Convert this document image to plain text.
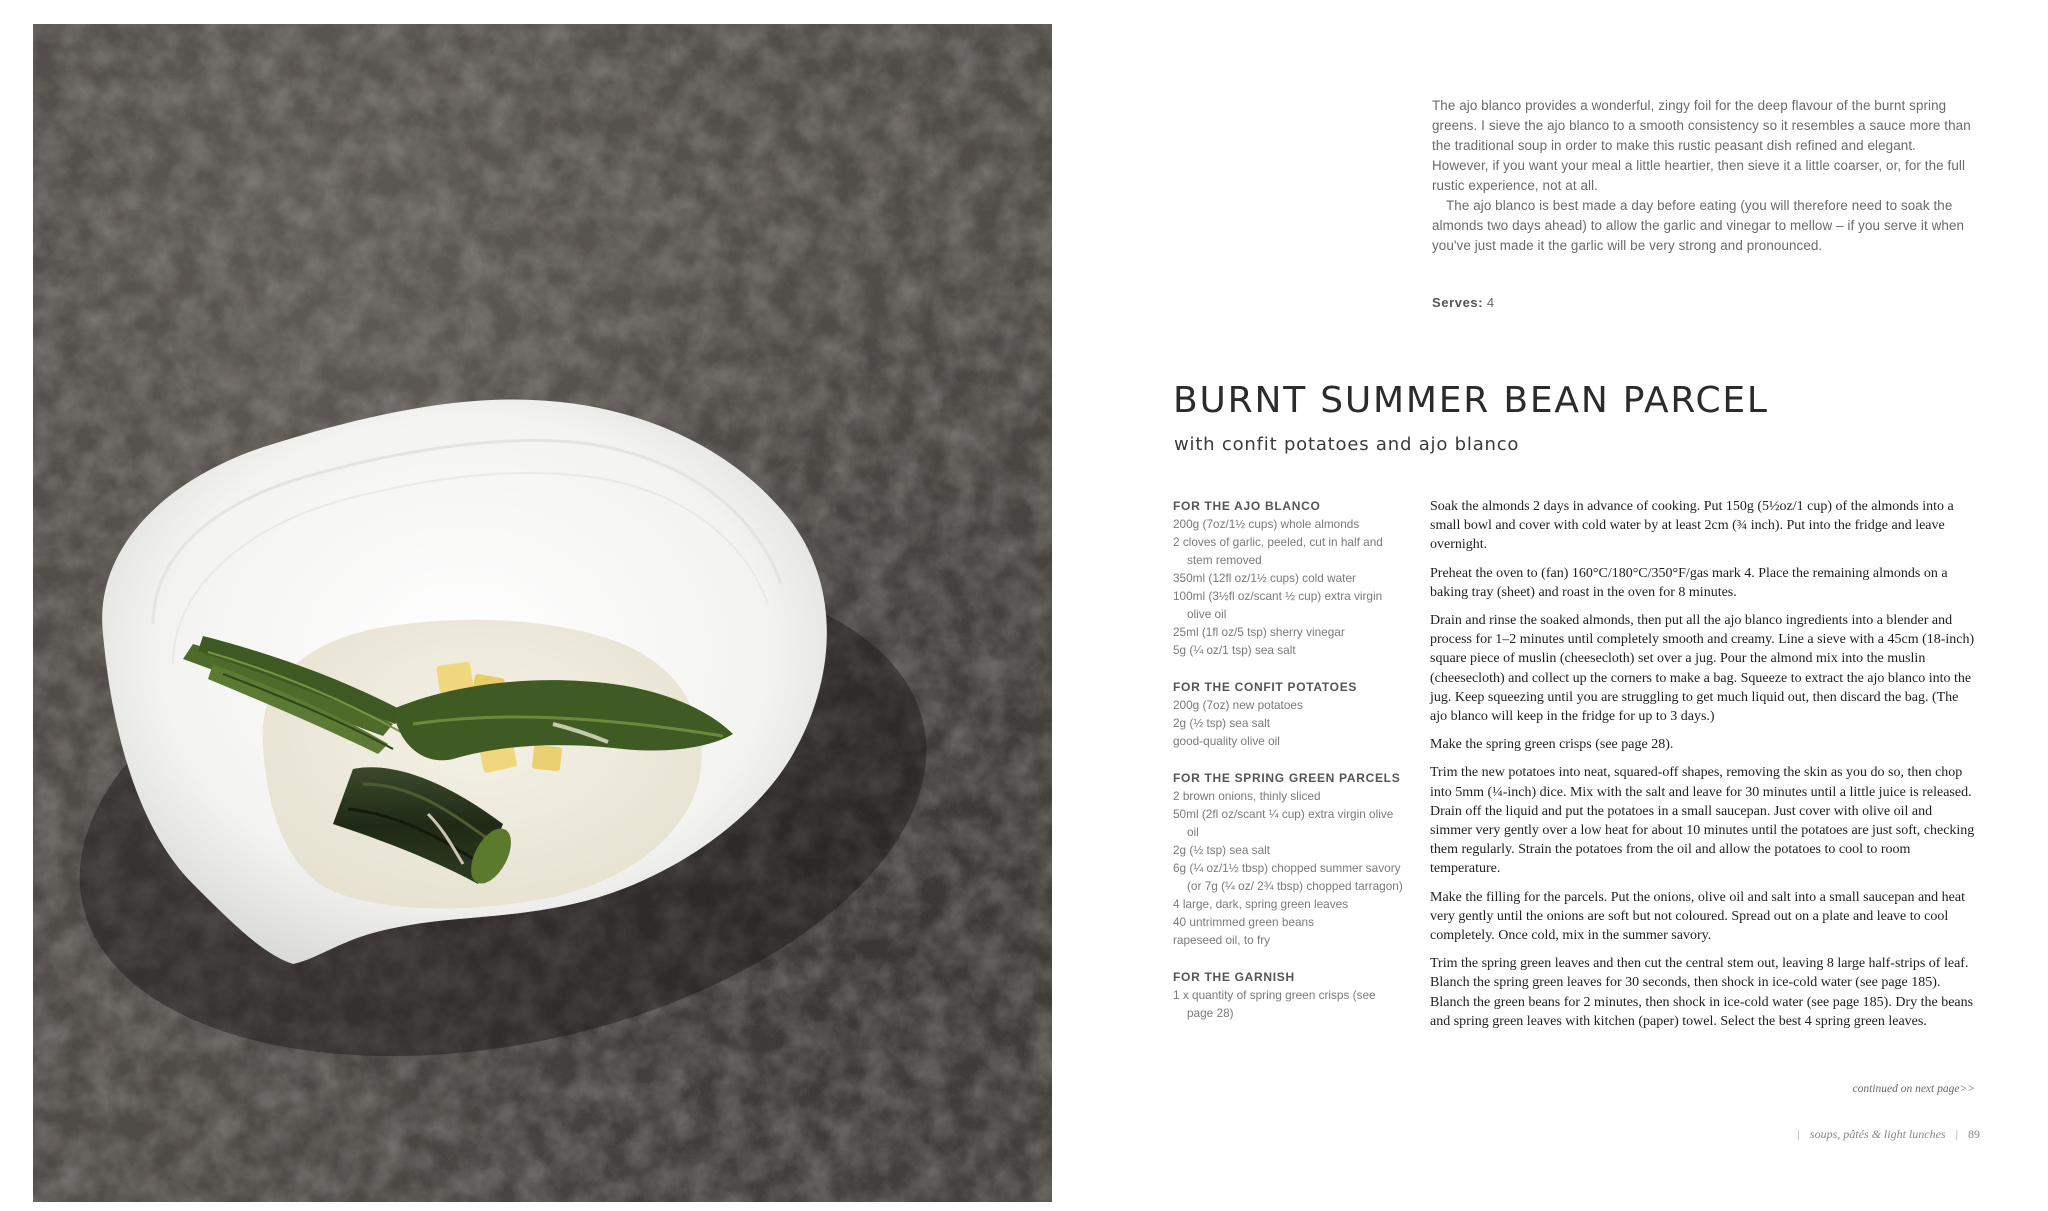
The ajo blanco provides a wonderful, zingy foil for the deep flavour of the burnt spring greens. I sieve the ajo blanco to a smooth consistency so it resembles a sauce more than the traditional soup in order to make this rustic peasant dish refined and elegant. However, if you want your meal a little heartier, then sieve it a little coarser, or, for the full rustic experience, not at all.

The ajo blanco is best made a day before eating (you will therefore need to soak the almonds two days ahead) to allow the garlic and vinegar to mellow – if you serve it when you've just made it the garlic will be very strong and pronounced.

Serves: 4
BURNT SUMMER BEAN PARCEL
with confit potatoes and ajo blanco
FOR THE AJO BLANCO
200g (7oz/1½ cups) whole almonds
2 cloves of garlic, peeled, cut in half and stem removed
350ml (12fl oz/1½ cups) cold water
100ml (3½fl oz/scant ½ cup) extra virgin olive oil
25ml (1fl oz/5 tsp) sherry vinegar
5g (¼ oz/1 tsp) sea salt
FOR THE CONFIT POTATOES
200g (7oz) new potatoes
2g (½ tsp) sea salt
good-quality olive oil
FOR THE SPRING GREEN PARCELS
2 brown onions, thinly sliced
50ml (2fl oz/scant ¼ cup) extra virgin olive oil
2g (½ tsp) sea salt
6g (¼ oz/1½ tbsp) chopped summer savory (or 7g (¼ oz/ 2¾ tbsp) chopped tarragon)
4 large, dark, spring green leaves
40 untrimmed green beans
rapeseed oil, to fry
FOR THE GARNISH
1 x quantity of spring green crisps (see page 28)

Soak the almonds 2 days in advance of cooking. Put 150g (5½oz/1 cup) of the almonds into a small bowl and cover with cold water by at least 2cm (¾ inch). Put into the fridge and leave overnight.

Preheat the oven to (fan) 160°C/180°C/350°F/gas mark 4. Place the remaining almonds on a baking tray (sheet) and roast in the oven for 8 minutes.

Drain and rinse the soaked almonds, then put all the ajo blanco ingredients into a blender and process for 1–2 minutes until completely smooth and creamy. Line a sieve with a 45cm (18-inch) square piece of muslin (cheesecloth) set over a jug. Pour the almond mix into the muslin (cheesecloth) and collect up the corners to make a bag. Squeeze to extract the ajo blanco into the jug. Keep squeezing until you are struggling to get much liquid out, then discard the bag. (The ajo blanco will keep in the fridge for up to 3 days.)

Make the spring green crisps (see page 28).

Trim the new potatoes into neat, squared-off shapes, removing the skin as you do so, then chop into 5mm (¼-inch) dice. Mix with the salt and leave for 30 minutes until a little juice is released. Drain off the liquid and put the potatoes in a small saucepan. Just cover with olive oil and simmer very gently over a low heat for about 10 minutes until the potatoes are just soft, checking them regularly. Strain the potatoes from the oil and allow the potatoes to cool to room temperature.

Make the filling for the parcels. Put the onions, olive oil and salt into a small saucepan and heat very gently until the onions are soft but not coloured. Spread out on a plate and leave to cool completely. Once cold, mix in the summer savory.

Trim the spring green leaves and then cut the central stem out, leaving 8 large half-strips of leaf. Blanch the spring green leaves for 30 seconds, then shock in ice-cold water (see page 185). Blanch the green beans for 2 minutes, then shock in ice-cold water (see page 185). Dry the beans and spring green leaves with kitchen (paper) towel. Select the best 4 spring green leaves.

continued on next page>>
| soups, pâtés & light lunches | 89
